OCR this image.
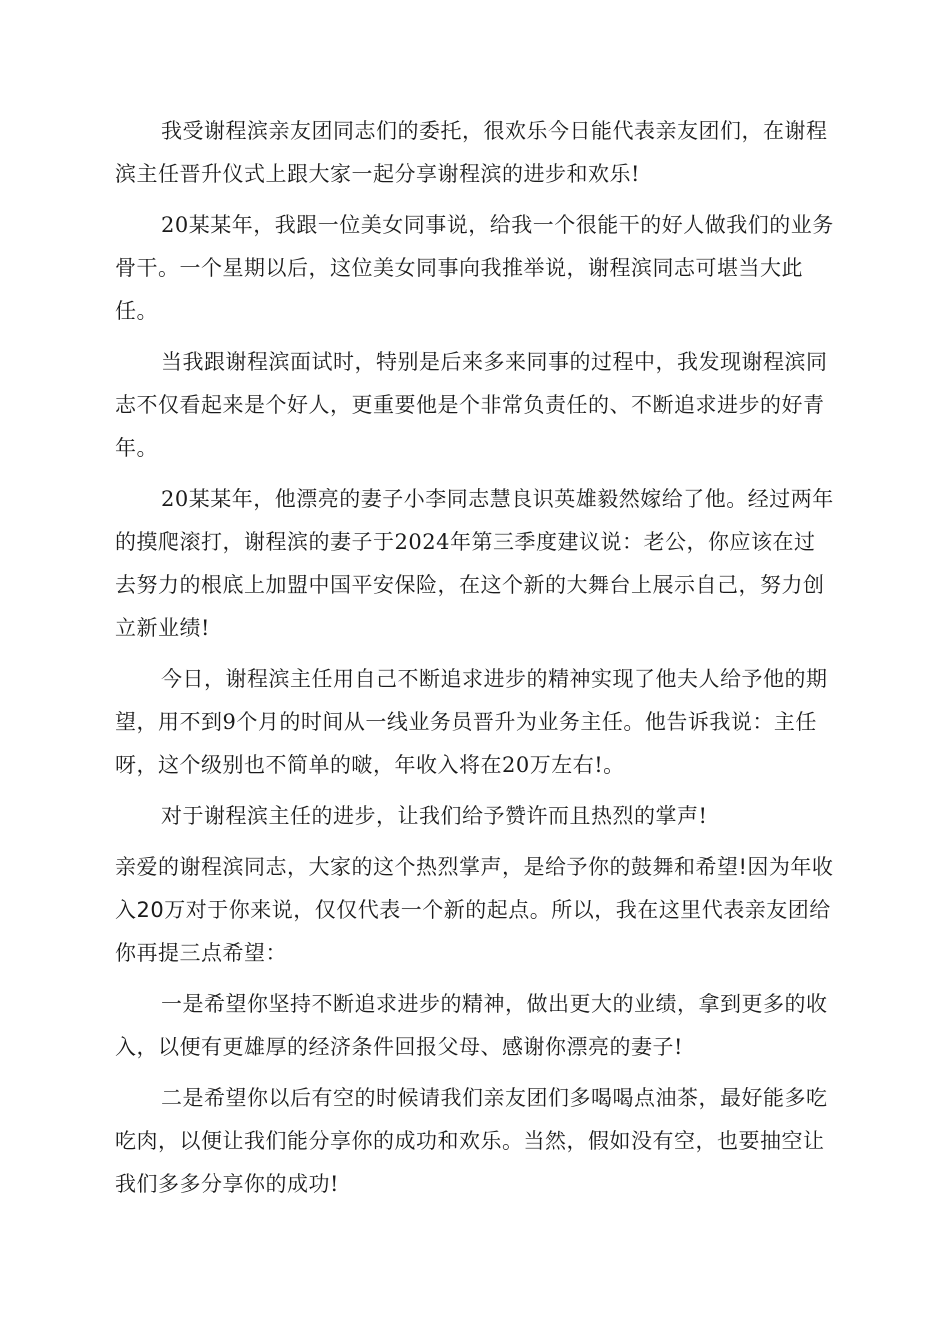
我受谢程滨亲友团同志们的委托，很欢乐今日能代表亲友团们，在谢程滨主任晋升仪式上跟大家一起分享谢程滨的进步和欢乐!

20某某年，我跟一位美女同事说，给我一个很能干的好人做我们的业务骨干。一个星期以后，这位美女同事向我推举说，谢程滨同志可堪当大此任。

当我跟谢程滨面试时，特别是后来多来同事的过程中，我发现谢程滨同志不仅看起来是个好人，更重要他是个非常负责任的、不断追求进步的好青年。

20某某年，他漂亮的妻子小李同志慧良识英雄毅然嫁给了他。经过两年的摸爬滚打，谢程滨的妻子于2024年第三季度建议说：老公，你应该在过去努力的根底上加盟中国平安保险，在这个新的大舞台上展示自己，努力创立新业绩!

今日，谢程滨主任用自己不断追求进步的精神实现了他夫人给予他的期望，用不到9个月的时间从一线业务员晋升为业务主任。他告诉我说：主任呀，这个级别也不简单的啵，年收入将在20万左右!。

对于谢程滨主任的进步，让我们给予赞许而且热烈的掌声!

亲爱的谢程滨同志，大家的这个热烈掌声，是给予你的鼓舞和希望!因为年收入20万对于你来说，仅仅代表一个新的起点。所以，我在这里代表亲友团给你再提三点希望：

一是希望你坚持不断追求进步的精神，做出更大的业绩，拿到更多的收入，以便有更雄厚的经济条件回报父母、感谢你漂亮的妻子!

二是希望你以后有空的时候请我们亲友团们多喝喝点油茶，最好能多吃吃肉，以便让我们能分享你的成功和欢乐。当然，假如没有空，也要抽空让我们多多分享你的成功!
